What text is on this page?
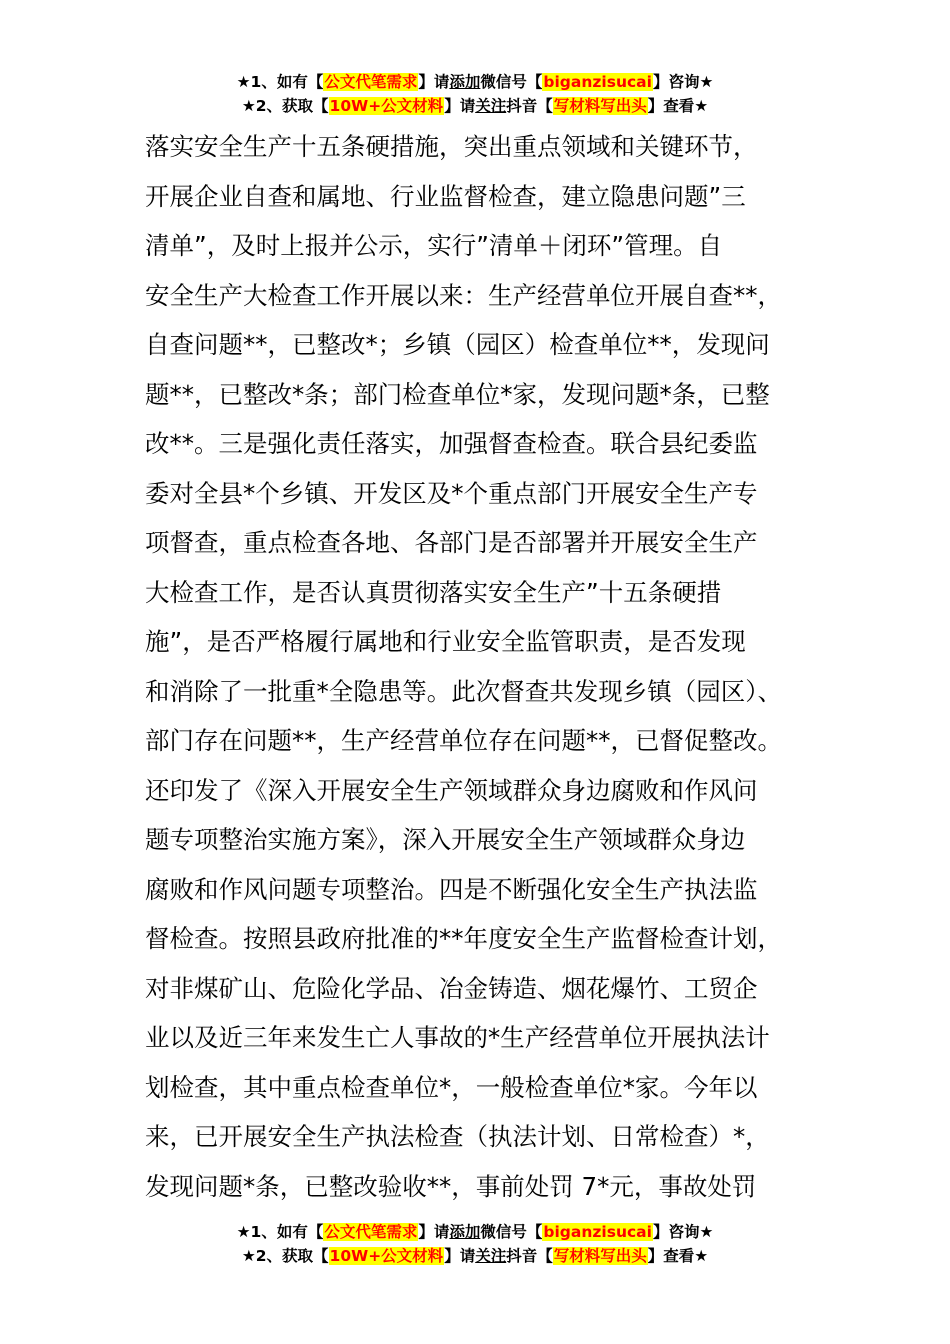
★1、如有【公文代笔需求】请添加微信号【biganzisucai】咨询★
★2、获取【10W+公文材料】请关注抖音【写材料写出头】查看★
落实安全生产十五条硬措施，突出重点领域和关键环节，
开展企业自查和属地、行业监督检查，建立隐患问题”三
清单”，及时上报并公示，实行”清单＋闭环”管理。自
安全生产大检查工作开展以来：生产经营单位开展自查**，
自查问题**，已整改*；乡镇（园区）检查单位**，发现问
题**，已整改*条；部门检查单位*家，发现问题*条，已整
改**。三是强化责任落实，加强督查检查。联合县纪委监
委对全县*个乡镇、开发区及*个重点部门开展安全生产专
项督查，重点检查各地、各部门是否部署并开展安全生产
大检查工作，是否认真贯彻落实安全生产”十五条硬措
施”，是否严格履行属地和行业安全监管职责，是否发现
和消除了一批重*全隐患等。此次督查共发现乡镇（园区）、
部门存在问题**，生产经营单位存在问题**，已督促整改。
还印发了《深入开展安全生产领域群众身边腐败和作风问
题专项整治实施方案》，深入开展安全生产领域群众身边
腐败和作风问题专项整治。四是不断强化安全生产执法监
督检查。按照县政府批准的**年度安全生产监督检查计划，
对非煤矿山、危险化学品、冶金铸造、烟花爆竹、工贸企
业以及近三年来发生亡人事故的*生产经营单位开展执法计
划检查，其中重点检查单位*，一般检查单位*家。今年以
来，已开展安全生产执法检查（执法计划、日常检查）*，
发现问题*条，已整改验收**，事前处罚 7*元，事故处罚
★1、如有【公文代笔需求】请添加微信号【biganzisucai】咨询★
★2、获取【10W+公文材料】请关注抖音【写材料写出头】查看★
